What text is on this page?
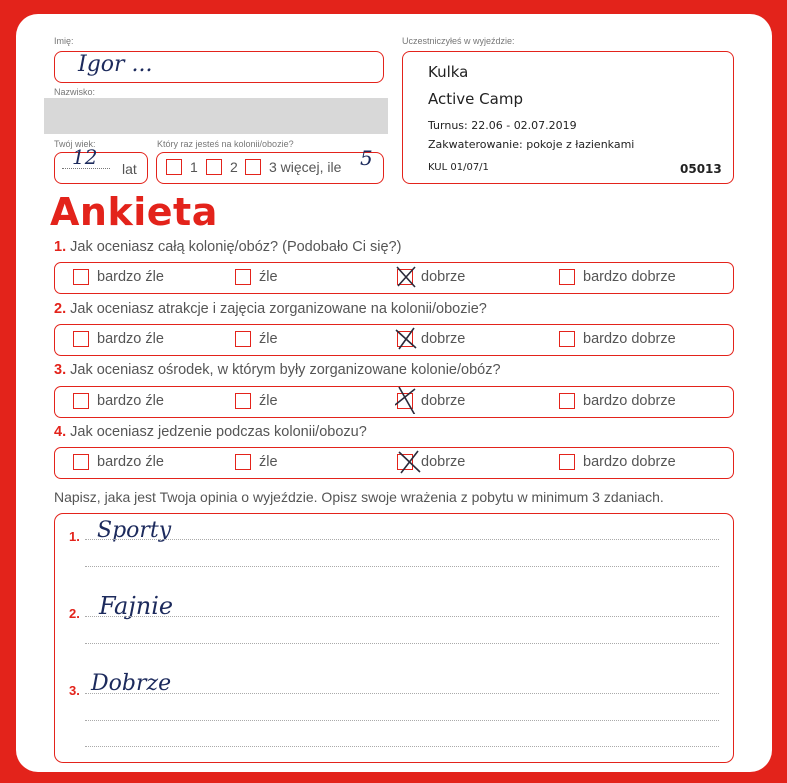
Imię:
Igor ...
Nazwisko:
Twój wiek:
12 lat
Który raz jesteś na kolonii/obozie?
1 2 3 więcej, ile 5
Uczestniczyłeś w wyjeździe:
Kulka
Active Camp
Turnus: 22.06 - 02.07.2019
Zakwaterowanie: pokoje z łazienkami
KUL 01/07/1	05013
Ankieta
1. Jak oceniasz całą kolonię/obóz? (Podobało Ci się?)
bardzo źle	źle	dobrze	bardzo dobrze
2. Jak oceniasz atrakcje i zajęcia zorganizowane na kolonii/obozie?
bardzo źle	źle	dobrze	bardzo dobrze
3. Jak oceniasz ośrodek, w którym były zorganizowane kolonie/obóz?
bardzo źle	źle	dobrze	bardzo dobrze
4. Jak oceniasz jedzenie podczas kolonii/obozu?
bardzo źle	źle	dobrze	bardzo dobrze
Napisz, jaka jest Twoja opinia o wyjeździe. Opisz swoje wrażenia z pobytu w minimum 3 zdaniach.
1. Sporty
2. Fajnie
3. Dobrze
